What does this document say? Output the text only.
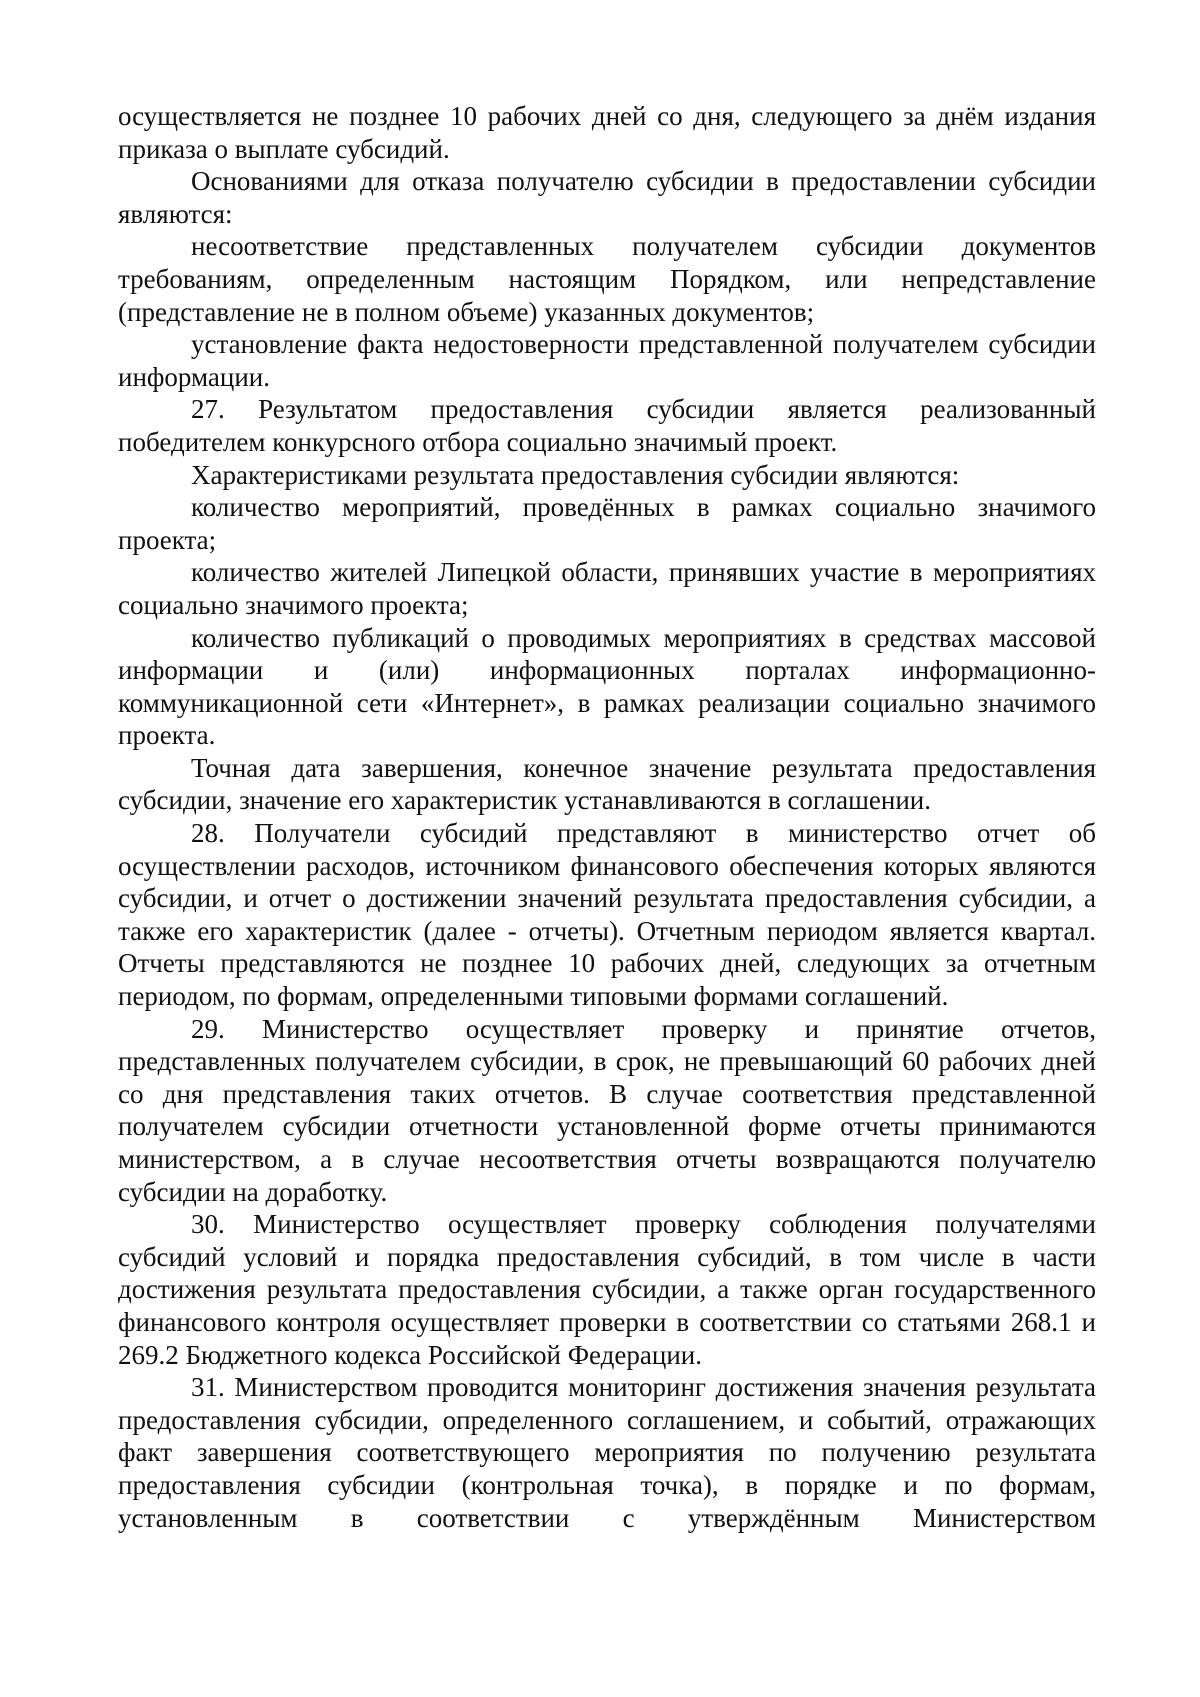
осуществляется не позднее 10 рабочих дней со дня, следующего за днём издания приказа о выплате субсидий.

Основаниями для отказа получателю субсидии в предоставлении субсидии являются:

несоответствие представленных получателем субсидии документов требованиям, определенным настоящим Порядком, или непредставление (представление не в полном объеме) указанных документов;

установление факта недостоверности представленной получателем субсидии информации.

27. Результатом предоставления субсидии является реализованный победителем конкурсного отбора социально значимый проект.

Характеристиками результата предоставления субсидии являются:

количество мероприятий, проведённых в рамках социально значимого проекта;

количество жителей Липецкой области, принявших участие в мероприятиях социально значимого проекта;

количество публикаций о проводимых мероприятиях в средствах массовой информации и (или) информационных порталах информационно-коммуникационной сети «Интернет», в рамках реализации социально значимого проекта.

Точная дата завершения, конечное значение результата предоставления субсидии, значение его характеристик устанавливаются в соглашении.

28. Получатели субсидий представляют в министерство отчет об осуществлении расходов, источником финансового обеспечения которых являются субсидии, и отчет о достижении значений результата предоставления субсидии, а также его характеристик (далее - отчеты). Отчетным периодом является квартал. Отчеты представляются не позднее 10 рабочих дней, следующих за отчетным периодом, по формам, определенными типовыми формами соглашений.

29. Министерство осуществляет проверку и принятие отчетов, представленных получателем субсидии, в срок, не превышающий 60 рабочих дней со дня представления таких отчетов. В случае соответствия представленной получателем субсидии отчетности установленной форме отчеты принимаются министерством, а в случае несоответствия отчеты возвращаются получателю субсидии на доработку.

30. Министерство осуществляет проверку соблюдения получателями субсидий условий и порядка предоставления субсидий, в том числе в части достижения результата предоставления субсидии, а также орган государственного финансового контроля осуществляет проверки в соответствии со статьями 268.1 и 269.2 Бюджетного кодекса Российской Федерации.

31. Министерством проводится мониторинг достижения значения результата предоставления субсидии, определенного соглашением, и событий, отражающих факт завершения соответствующего мероприятия по получению результата предоставления субсидии (контрольная точка), в порядке и по формам, установленным в соответствии с утверждённым Министерством
